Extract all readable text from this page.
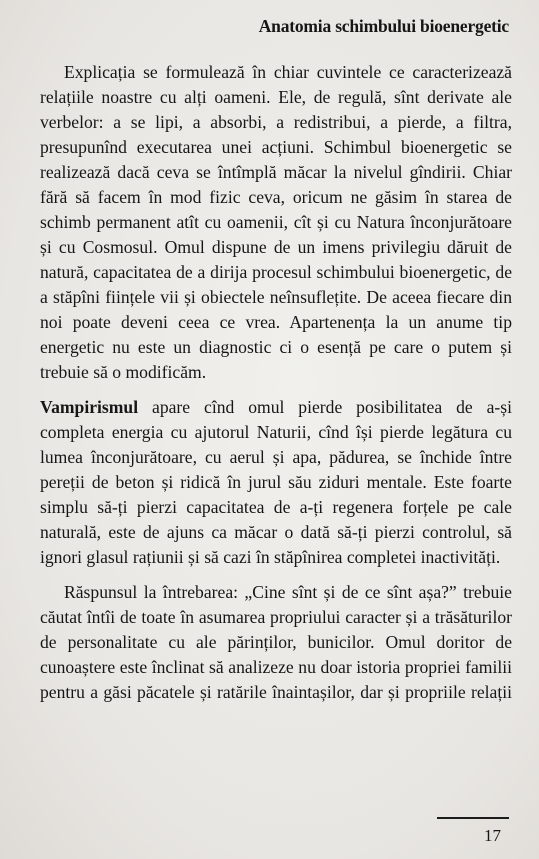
Anatomia schimbului bioenergetic

Explicația se formulează în chiar cuvintele ce caracterizează relațiile noastre cu alți oameni. Ele, de regulă, sînt derivate ale verbelor: a se lipi, a absorbi, a redistribui, a pierde, a filtra, presupunînd executarea unei acțiuni. Schimbul bioenergetic se realizează dacă ceva se întîmplă măcar la nivelul gîndirii. Chiar fără să facem în mod fizic ceva, oricum ne găsim în starea de schimb permanent atît cu oamenii, cît și cu Natura înconjurătoare și cu Cosmosul. Omul dispune de un imens privilegiu dăruit de natură, capacitatea de a dirija procesul schimbului bioenergetic, de a stăpîni ființele vii și obiectele neînsuflețite. De aceea fiecare din noi poate deveni ceea ce vrea. Apartenența la un anume tip energetic nu este un diagnostic ci o esență pe care o putem și trebuie să o modificăm.

Vampirismul apare cînd omul pierde posibilitatea de a-și completa energia cu ajutorul Naturii, cînd își pierde legătura cu lumea înconjurătoare, cu aerul și apa, pădurea, se închide între pereții de beton și ridică în jurul său ziduri mentale. Este foarte simplu să-ți pierzi capacitatea de a-ți regenera forțele pe cale naturală, este de ajuns ca măcar o dată să-ți pierzi controlul, să ignori glasul rațiunii și să cazi în stăpînirea completei inactivități.

Răspunsul la întrebarea: „Cine sînt și de ce sînt așa?” trebuie căutat întîi de toate în asumarea propriului caracter și a trăsăturilor de personalitate cu ale părinților, bunicilor. Omul doritor de cunoaștere este înclinat să analizeze nu doar istoria propriei familii pentru a găsi păcatele și ratările înaintașilor, dar și propriile relații

17
